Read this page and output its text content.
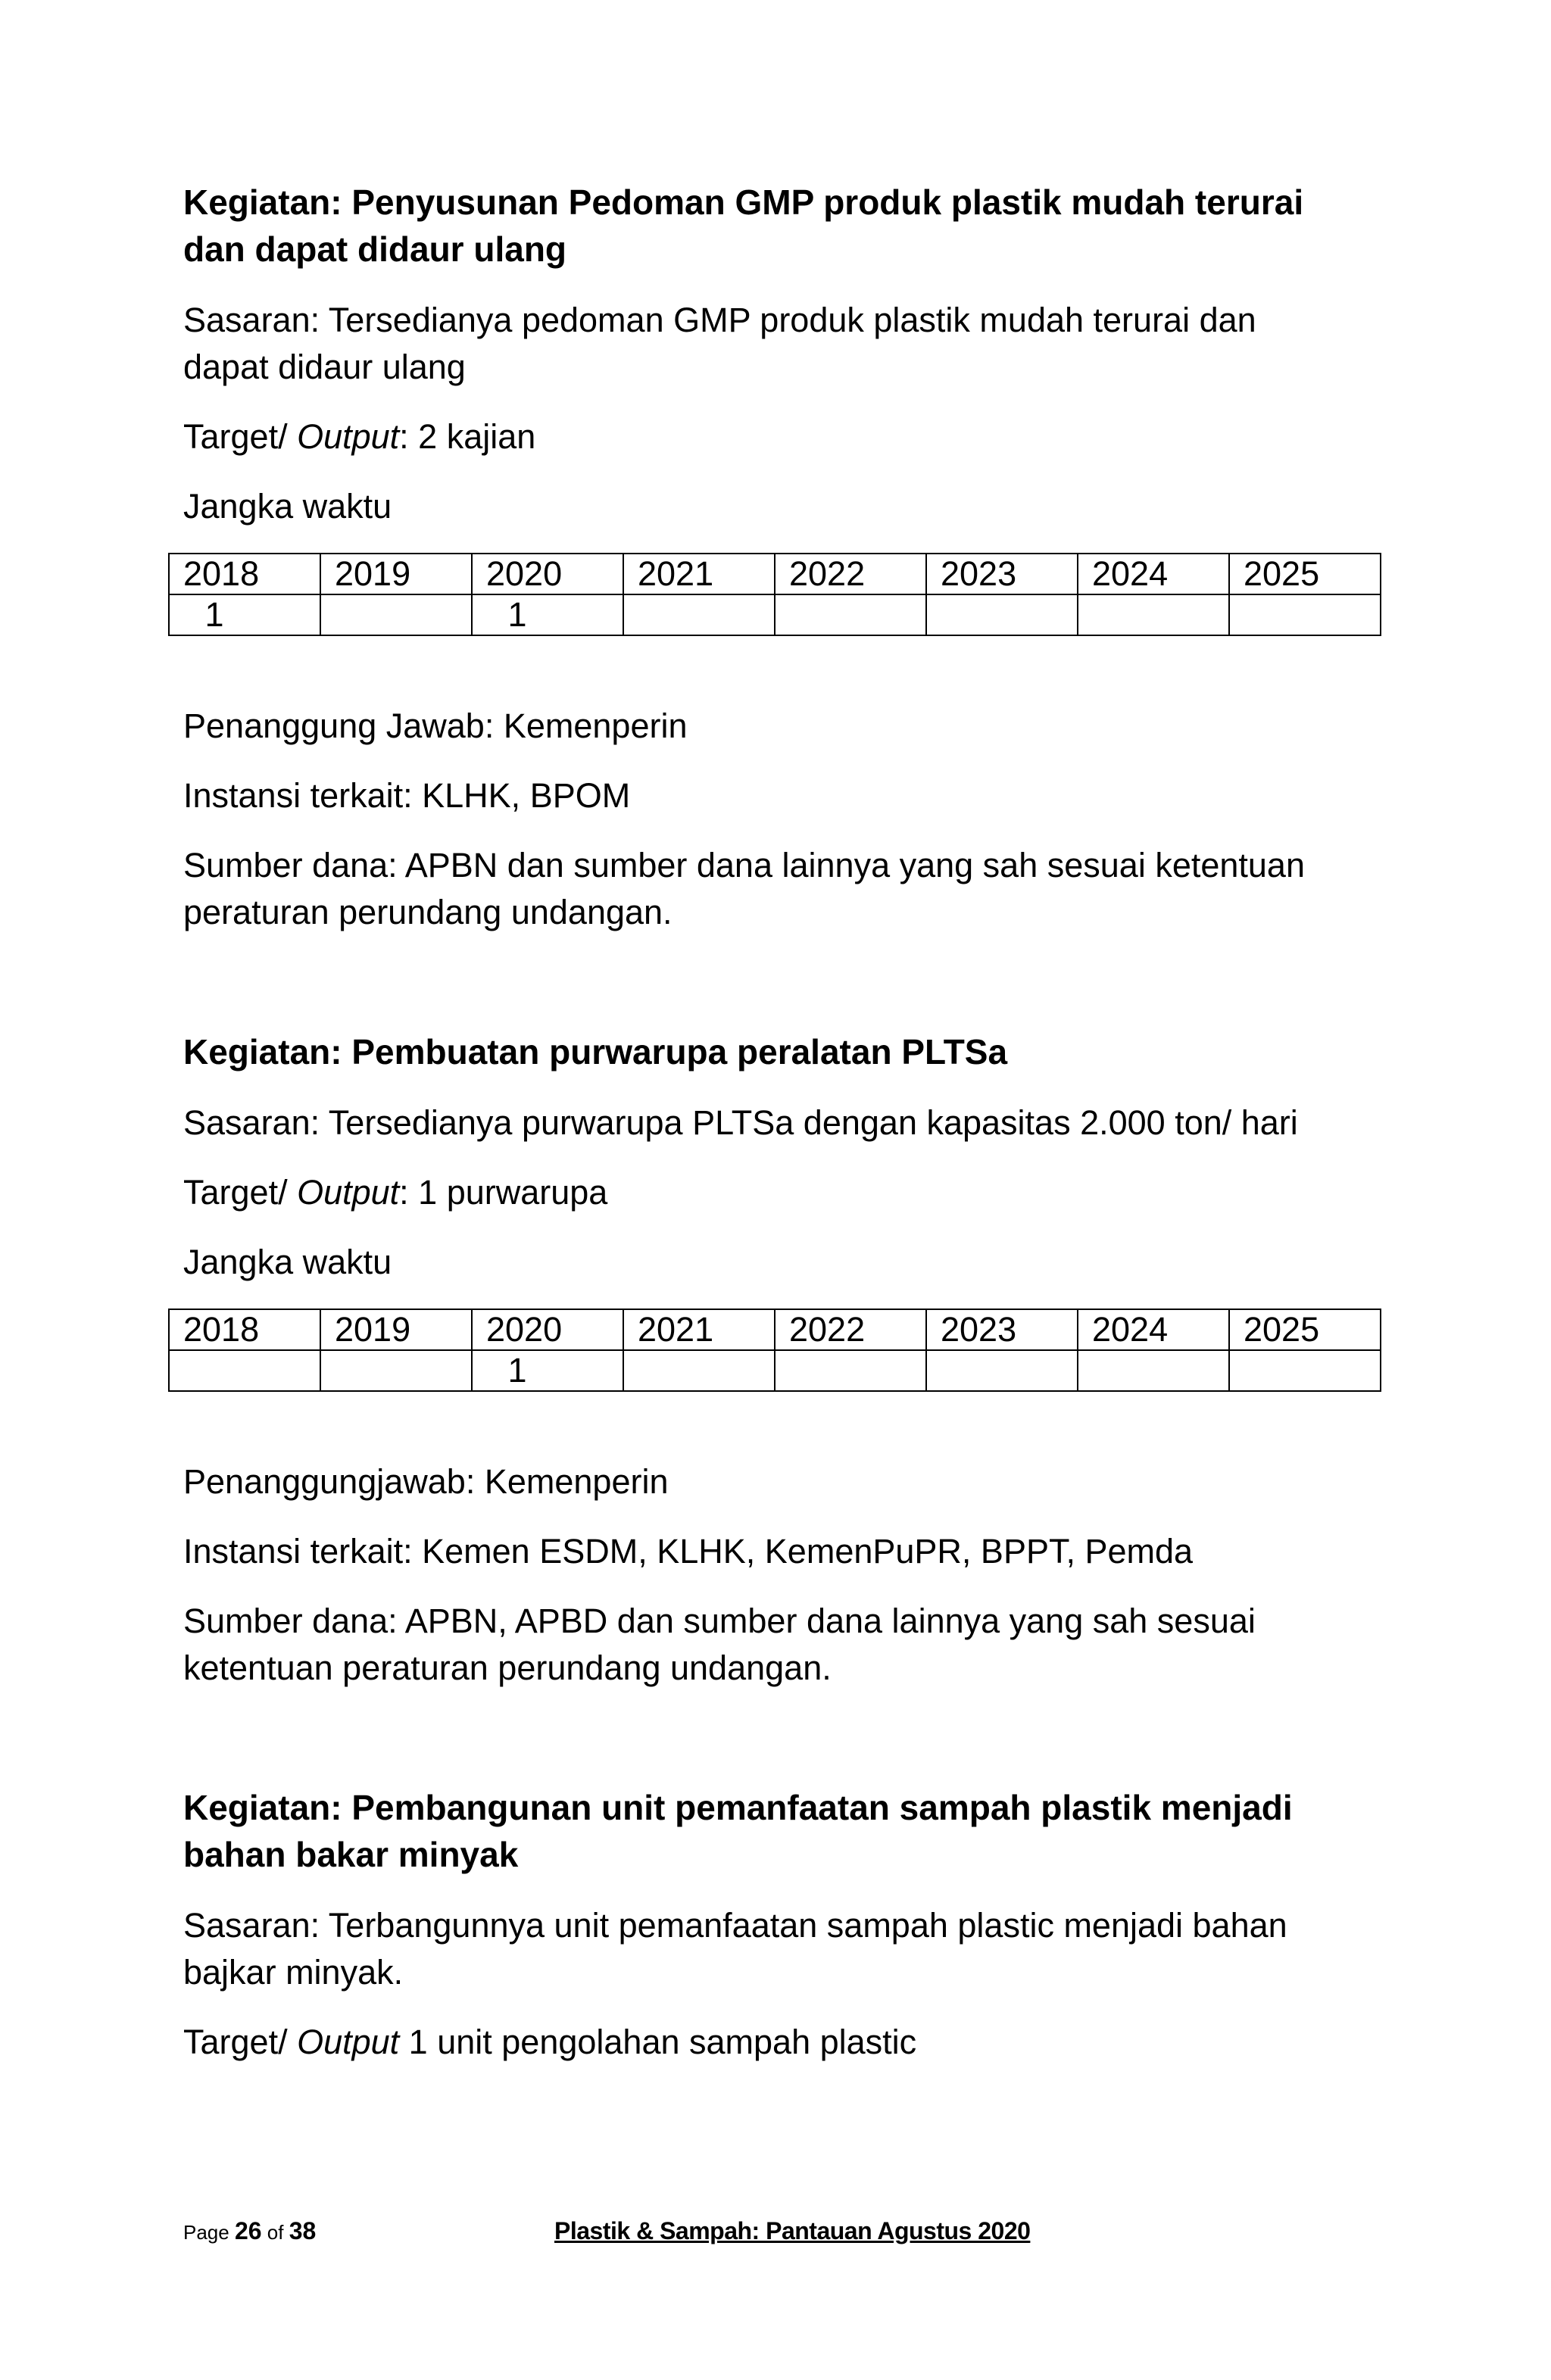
Kegiatan: Penyusunan Pedoman GMP produk plastik mudah terurai
dan dapat didaur ulang
Sasaran: Tersedianya pedoman GMP produk plastik mudah terurai dan
dapat didaur ulang
Target/ Output: 2 kajian
Jangka waktu
2018	2019	2020	2021	2022	2023	2024	2025
1		1					
Penanggung Jawab: Kemenperin
Instansi terkait: KLHK, BPOM
Sumber dana: APBN dan sumber dana lainnya yang sah sesuai ketentuan
peraturan perundang undangan.
Kegiatan: Pembuatan purwarupa peralatan PLTSa
Sasaran: Tersedianya purwarupa PLTSa dengan kapasitas 2.000 ton/ hari
Target/ Output: 1 purwarupa
Jangka waktu
2018	2019	2020	2021	2022	2023	2024	2025
		1					
Penanggungjawab: Kemenperin
Instansi terkait: Kemen ESDM, KLHK, KemenPuPR, BPPT, Pemda
Sumber dana: APBN, APBD dan sumber dana lainnya yang sah sesuai
ketentuan peraturan perundang undangan.
Kegiatan: Pembangunan unit pemanfaatan sampah plastik menjadi
bahan bakar minyak
Sasaran: Terbangunnya unit pemanfaatan sampah plastic menjadi bahan
bajkar minyak.
Target/ Output 1 unit pengolahan sampah plastic
Page 26 of 38	Plastik & Sampah: Pantauan Agustus 2020
